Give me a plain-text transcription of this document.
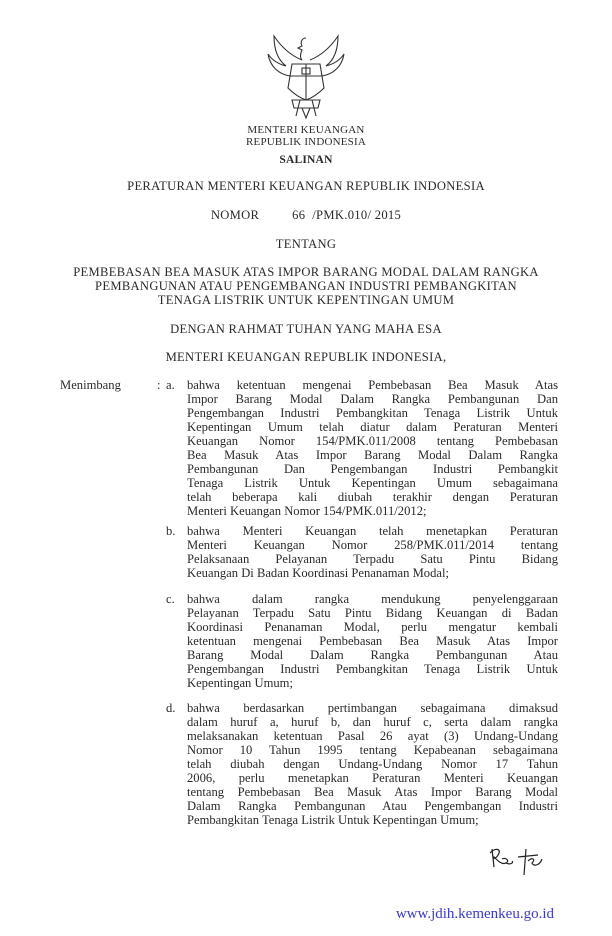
MENTERI KEUANGAN
REPUBLIK INDONESIA
SALINAN
PERATURAN MENTERI KEUANGAN REPUBLIK INDONESIA
NOMOR	66  /PMK.010/ 2015
TENTANG
PEMBEBASAN BEA MASUK ATAS IMPOR BARANG MODAL DALAM RANGKA
PEMBANGUNAN ATAU PENGEMBANGAN INDUSTRI PEMBANGKITAN
TENAGA LISTRIK UNTUK KEPENTINGAN UMUM
DENGAN RAHMAT TUHAN YANG MAHA ESA
MENTERI KEUANGAN REPUBLIK INDONESIA,
Menimbang	: a. bahwa ketentuan mengenai Pembebasan Bea Masuk Atas
Impor Barang Modal Dalam Rangka Pembangunan Dan
Pengembangan Industri Pembangkitan Tenaga Listrik Untuk
Kepentingan Umum telah diatur dalam Peraturan Menteri
Keuangan Nomor 154/PMK.011/2008 tentang Pembebasan
Bea Masuk Atas Impor Barang Modal Dalam Rangka
Pembangunan Dan Pengembangan Industri Pembangkit
Tenaga Listrik Untuk Kepentingan Umum sebagaimana
telah beberapa kali diubah terakhir dengan Peraturan
Menteri Keuangan Nomor 154/PMK.011/2012;
b. bahwa Menteri Keuangan telah menetapkan Peraturan
Menteri Keuangan Nomor 258/PMK.011/2014 tentang
Pelaksanaan Pelayanan Terpadu Satu Pintu Bidang
Keuangan Di Badan Koordinasi Penanaman Modal;
c. bahwa dalam rangka mendukung penyelenggaraan
Pelayanan Terpadu Satu Pintu Bidang Keuangan di Badan
Koordinasi Penanaman Modal, perlu mengatur kembali
ketentuan mengenai Pembebasan Bea Masuk Atas Impor
Barang Modal Dalam Rangka Pembangunan Atau
Pengembangan Industri Pembangkitan Tenaga Listrik Untuk
Kepentingan Umum;
d. bahwa berdasarkan pertimbangan sebagaimana dimaksud
dalam huruf a, huruf b, dan huruf c, serta dalam rangka
melaksanakan ketentuan Pasal 26 ayat (3) Undang-Undang
Nomor 10 Tahun 1995 tentang Kepabeanan sebagaimana
telah diubah dengan Undang-Undang Nomor 17 Tahun
2006, perlu menetapkan Peraturan Menteri Keuangan
tentang Pembebasan Bea Masuk Atas Impor Barang Modal
Dalam Rangka Pembangunan Atau Pengembangan Industri
Pembangkitan Tenaga Listrik Untuk Kepentingan Umum;
www.jdih.kemenkeu.go.id
